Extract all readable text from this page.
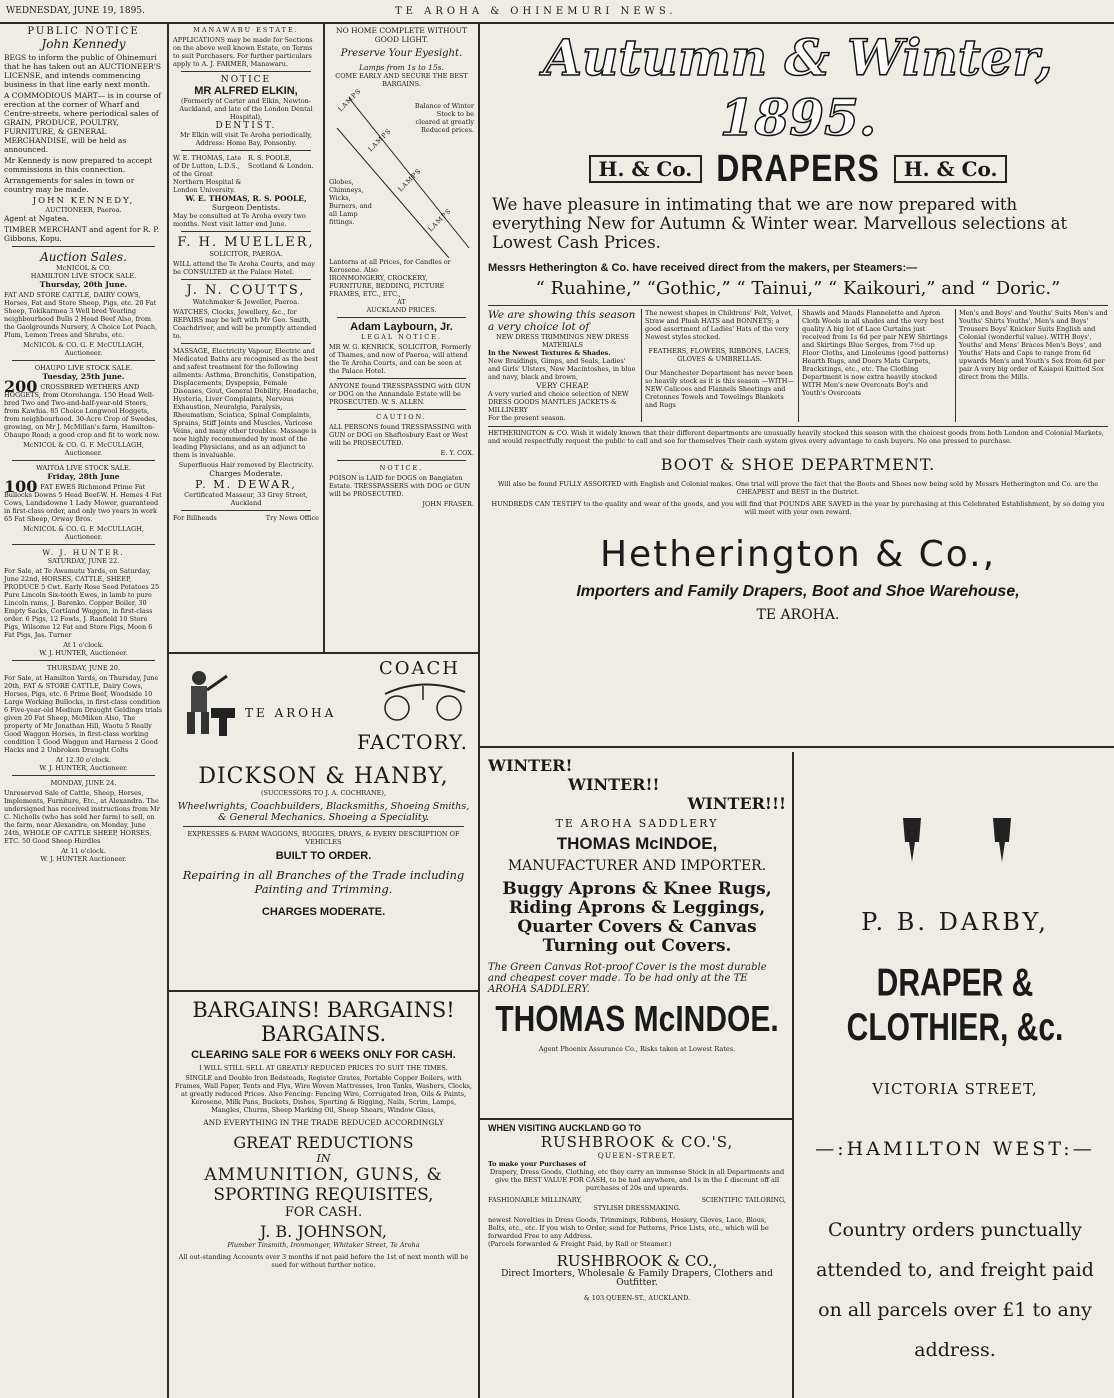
WEDNESDAY, JUNE 19, 1895.	TE AROHA & OHINEMURI NEWS.
PUBLIC NOTICE
John Kennedy
BEGS to inform the public of Ohinemuri that he has taken out an AUCTIONEER'S LICENSE, and intends commencing business in that line early next month.
A COMMODIOUS MART— is in course of erection at the corner of Wharf and Centre-streets, where periodical sales of GRAIN, PRODUCE, POULTRY, FURNITURE, & GENERAL MERCHANDISE, will be held as announced.
Mr Kennedy is now prepared to accept commissions in this connection.
Arrangements for sales in town or country may be made.
JOHN KENNEDY,
AUCTIONEER, Paeroa.
Agent at Ngatea.
TIMBER MERCHANT and agent for R. P. Gibbons, Kopu.
Auction Sales.
McNICOL & CO.
HAMILTON LIVE STOCK SALE.
Thursday, 20th June.
FAT AND STORE CATTLE, DAIRY COWS, Horses, Fat and Store Sheep, Pigs, etc. 20 Fat Sheep, Tokikarmea 3 Well bred Yearling neighbourhood Bulls 2 Head Beef Also, from the Gaolgrounds Nursery, A Choice Lot Peach, Plum, Lemon Trees and Shrubs, etc.
McNICOL & CO. G. F. McCULLAGH, Auctioneer.
OHAUPO LIVE STOCK SALE.
Tuesday, 25th June.
200 CROSSBRED WETHERS AND HOGGETS, from Otorohanga. 150 Head Well-bred Two and Two-and-half-year-old Steers, from Kawhia. 85 Choice Longwool Hoggets, from neighbourhood. 30-Acre Crop of Swedes, growing, on Mr J. McMillan's farm, Hamilton-Ohaupo Road; a good crop and fit to work now.
McNICOL & CO. G. F. McCULLAGH, Auctioneer.
WAITOA LIVE STOCK SALE.
Friday, 28th June
100 FAT EWES Richmond Prime Fat Bullocks Downs 5 Head Beef-W. H. Hemes 4 Fat Cows, Landsdowne 1 Lady Mower, guaranteed in first-class order, and only two years in work 65 Fat Sheep, Orway Bros.
McNICOL & CO. G. F. McCULLAGH, Auctioneer.
W. J. HUNTER.
SATURDAY, JUNE 22.
For Sale, at Te Awamutu Yards, on Saturday, June 22nd, HORSES, CATTLE, SHEEP, PRODUCE 5 Cwt. Early Rose Seed Potatoes 25 Pure Lincoln Six-tooth Ewes, in lamb to pure Lincoln rams, J. Barenko. Copper Boiler, 30 Empty Sacks, Cortland Waggon, in first-class order. 6 Pigs, 12 Fowls, J. Ranfield 10 Store Pigs, Wilsome 12 Fat and Store Pigs, Moon 6 Fat Pigs, Jas. Turner
At 1 o'clock.
W. J. HUNTER, Auctioneer.
THURSDAY, JUNE 20.
For Sale, at Hamilton Yards, on Thursday, June 20th, FAT & STORE CATTLE, Dairy Cows, Horses, Pigs, etc. 6 Prime Beef, Woodside 10 Large Working Bullocks, in first-class condition 6 Five-year-old Medium Draught Geldings trials given 20 Fat Sheep, McMiken Also, The property of Mr Jonathan Hill, Waotu 5 Really Good Waggon Horses, in first-class working condition 1 Good Waggon and Harness 2 Good Hacks and 2 Unbroken Draught Colts
At 12.30 o'clock.
W. J. HUNTER, Auctioneer.
MONDAY, JUNE 24.
Unreserved Sale of Cattle, Sheep, Horses, Implements, Furniture, Etc., at Alexandra. The undersigned has received instructions from Mr C. Nicholls (who has sold her farm) to sell, on the farm, near Alexandra, on Monday, June 24th, WHOLE OF CATTLE SHEEP, HORSES, ETC. 50 Good Sheep Hurdles
At 11 o'clock.
W. J. HUNTER Auctioneer.
MANAWARU ESTATE.
APPLICATIONS may be made for Sections on the above well known Estate, on Terms to suit Purchasers. For further particulars apply to A. J. FARMER, Manawaru.
NOTICE
MR ALFRED ELKIN,
(Formerly of Carter and Elkin, Newton-Auckland, and late of the London Dental Hospital),
DENTIST.
Mr Elkin will visit Te Aroha periodically, Address: Home Bay, Ponsonby.
W. E. THOMAS, Late of Dr Lutton, L.D.S., of the Great Northern Hospital & London University.
R. S. POOLE, Scotland & London.
W. E. THOMAS, R. S. POOLE,
Surgeon Dentists.
May be consulted at Te Aroha every two months. Next visit latter end June.
F. H. MUELLER,
SOLICITOR, PAEROA.
WILL attend the Te Aroha Courts, and may be CONSULTED at the Palace Hotel.
J. N. COUTTS,
Watchmaker & Jeweller, Paeroa.
WATCHES, Clocks, Jewellery, &c., for REPAIRS may be left with Mr Geo. Smith, Coachdriver, and will be promptly attended to.
MASSAGE, Electricity Vapour, Electric and Medicated Baths are recognised as the best and safest treatment for the following ailments: Asthma, Bronchitis, Constipation, Displacements, Dyspepsia, Female Diseases, Gout, General Debility, Headache, Hysteria, Liver Complaints, Nervous Exhaustion, Neuralgia, Paralysis, Rheumatism, Sciatica, Spinal Complaints, Sprains, Stiff Joints and Muscles, Varicose Veins, and many other troubles. Massage is now highly recommended by most of the leading Physicians, and as an adjunct to them is invaluable.
Superfluous Hair removed by Electricity.
Charges Moderate.
P. M. DEWAR,
Certificated Masseur, 33 Grey Street, Auckland
For Billheads	Try News Office
NO HOME COMPLETE WITHOUT GOOD LIGHT.
Preserve Your Eyesight.
Lamps from 1s to 15s.
COME EARLY AND SECURE THE BEST BARGAINS.
LAMPS
LAMPS
LAMPS
LAMPS
Balance of Winter Stock to be cleared at greatly Reduced prices.
Globes, Chimneys, Wicks, Burners, and all Lamp fittings.
Lanterns at all Prices, for Candles or Kerosene. Also
IRONMONGERY, CROCKERY, FURNITURE, BEDDING, PICTURE FRAMES, ETC., ETC.,
AT
AUCKLAND PRICES.
Adam Laybourn, Jr.
LEGAL NOTICE.
MR W. G. KENRICK, SOLICITOR, Formerly of Thames, and now of Paeroa, will attend the Te Aroha Courts, and can be seen at the Palace Hotel.
ANYONE found TRESSPASSING with GUN or DOG on the Annandale Estate will be PROSECUTED. W. S. ALLEN.
CAUTION.
ALL PERSONS found TRESSPASSING with GUN or DOG on Shaftesbury East or West will be PROSECUTED.
E. Y. COX.
NOTICE.
POISON is LAID for DOGS on Bangiaten Estate. TRESSPASSERS with DOG or GUN will be PROSECUTED.
JOHN FRASER.
COACH
TE AROHA
FACTORY.
DICKSON & HANBY,
(SUCCESSORS TO J. A. COCHRANE),
Wheelwrights, Coachbuilders, Blacksmiths, Shoeing Smiths, & General Mechanics. Shoeing a Speciality.
EXPRESSES & FARM WAGGONS, BUGGIES, DRAYS, & EVERY DESCRIPTION OF VEHICLES
BUILT TO ORDER.
Repairing in all Branches of the Trade including Painting and Trimming.
CHARGES MODERATE.
BARGAINS! BARGAINS!
BARGAINS.
CLEARING SALE FOR 6 WEEKS ONLY FOR CASH.
I WILL STILL SELL AT GREATLY REDUCED PRICES TO SUIT THE TIMES.
SINGLE and Double Iron Bedsteads, Register Grates, Portable Copper Boilers, with Frames, Wall Paper, Tents and Flys, Wire Woven Mattresses, Iron Tanks, Washers, Clocks, at greatly reduced Prices. Also Fencing: Fencing Wire, Corrugated Iron, Oils & Paints, Kerosene, Milk Pans, Buckets, Dishes, Sporting & Rigging, Nails, Scrim, Lamps, Mangles, Churns, Sheep Marking Oil, Sheep Shears, Window Glass,
AND EVERYTHING IN THE TRADE REDUCED ACCORDINGLY
GREAT REDUCTIONS
IN
AMMUNITION, GUNS, &
SPORTING REQUISITES,
FOR CASH.
J. B. JOHNSON,
Plumber Tinsmith, Ironmonger, Whitaker Street, Te Aroha
All out-standing Accounts over 3 months if not paid before the 1st of next month will be sued for without further notice.
Autumn & Winter, 1895.
H. & Co. DRAPERS	H. & Co.
We have pleasure in intimating that we are now prepared with everything New for Autumn & Winter wear. Marvellous selections at Lowest Cash Prices.
Messrs Hetherington & Co. have received direct from the makers, per Steamers:—
“ Ruahine,” “Gothic,” “ Tainui,” “ Kaikouri,” and “ Doric.”
We are showing this season a very choice lot of
NEW DRESS TRIMMINGS NEW DRESS MATERIALS
In the Newest Textures & Shades.
New Braidings, Gimps, and Seals, Ladies' and Girls' Ulsters, New Macintoshes, in blue and navy, black and brown,
VERY CHEAP.
A very varied and choice selection of NEW DRESS GOODS MANTLES JACKETS & MILLINERY
For the present season.
The newest shapes in Childrens' Felt, Velvet, Straw and Plush HATS and BONNETS; a good assortment of Ladies' Hats of the very Newest styles stocked.
FEATHERS, FLOWERS, RIBBONS, LACES, GLOVES & UMBRELLAS.
Our Manchester Department has never been so heavily stock as it is this season —WITH— NEW Calicoes and Flannels Sheetings and Cretonnes Towels and Towelings Blankets and Rugs
Shawls and Mauds Flannelette and Apron Cloth Wools in all shades and the very best quality A big lot of Lace Curtains just received from 1s 6d per pair NEW Shirtings and Skirtings Blue Serges, from 7½d up Floor Cloths, and Linoleums (good patterns) Hearth Rugs, and Doors Mats Carpets, Brackstings, etc., etc. The Clothing Department is now extra heavily stocked WITH Men's new Overcoats Boy's and Youth's Overcoats
Men's and Boys' and Youths' Suits Men's and Youths' Shirts Youths', Men's and Boys' Trousers Boys' Knicker Suits English and Colonial (wonderful value). WITH Boys', Youths' and Mens' Braces Men's Boys', and Youths' Hats and Caps to range from 6d upwards Men's and Youth's Sox from 6d per pair A very big order of Kaiapoi Knitted Sox direct from the Mills.
HETHERINGTON & CO. Wish it widely known that their different departments are unusually heavily stocked this season with the choicest goods from both London and Colonial Markets, and would respectfully request the public to call and see for themselves Their cash system gives every advantage to cash buyers. No one pressed to purchase.
BOOT & SHOE DEPARTMENT.
Will also be found FULLY ASSORTED with English and Colonial makes. One trial will prove the fact that the Boots and Shoes now being sold by Messrs Hetherington and Co. are the CHEAPEST and BEST in the District.
HUNDREDS CAN TESTIFY to the quality and wear of the goods, and you will find that POUNDS ARE SAVED in the year by purchasing at this Celebrated Establishment, by so doing you will meet with your own reward.
Hetherington & Co.,
Importers and Family Drapers, Boot and Shoe Warehouse,
TE AROHA.
WINTER!
WINTER!!
WINTER!!!
TE AROHA SADDLERY
THOMAS McINDOE,
MANUFACTURER AND IMPORTER.
Buggy Aprons & Knee Rugs, Riding Aprons & Leggings, Quarter Covers & Canvas Turning out Covers.
The Green Canvas Rot-proof Cover is the most durable and cheapest cover made. To be had only at the TE AROHA SADDLERY.
THOMAS McINDOE.
Agent Phoenix Assurance Co., Risks taken at Lowest Rates.
WHEN VISITING AUCKLAND GO TO
RUSHBROOK & CO.'S,
QUEEN-STREET.
To make your Purchases of
Drapery, Dress Goods, Clothing, etc they carry an immense Stock in all Departments and give the BEST VALUE FOR CASH, to be had anywhere, and 1s in the £ discount off all purchases of 20s and upwards.
FASHIONABLE MILLINARY,	SCIENTIFIC TAILORING,
STYLISH DRESSMAKING.
newest Novelties in Dress Goods, Trimmings, Ribbons, Hosiery, Gloves, Lace, Blous, Belts, etc., etc. If you wish to Order, send for Patterns, Price Lists, etc., which will be forwarded Free to any Address.
(Parcels forwarded & Freight Paid, by Rail or Steamer.)
RUSHBROOK & CO.,
Direct Imorters, Wholesale & Family Drapers, Clothers and Outfitter.
& 103 QUEEN-ST., AUCKLAND.
P. B. DARBY,
DRAPER & CLOTHIER, &c.
VICTORIA STREET,
—:HAMILTON WEST:—
Country orders punctually attended to, and freight paid on all parcels over £1 to any address.
